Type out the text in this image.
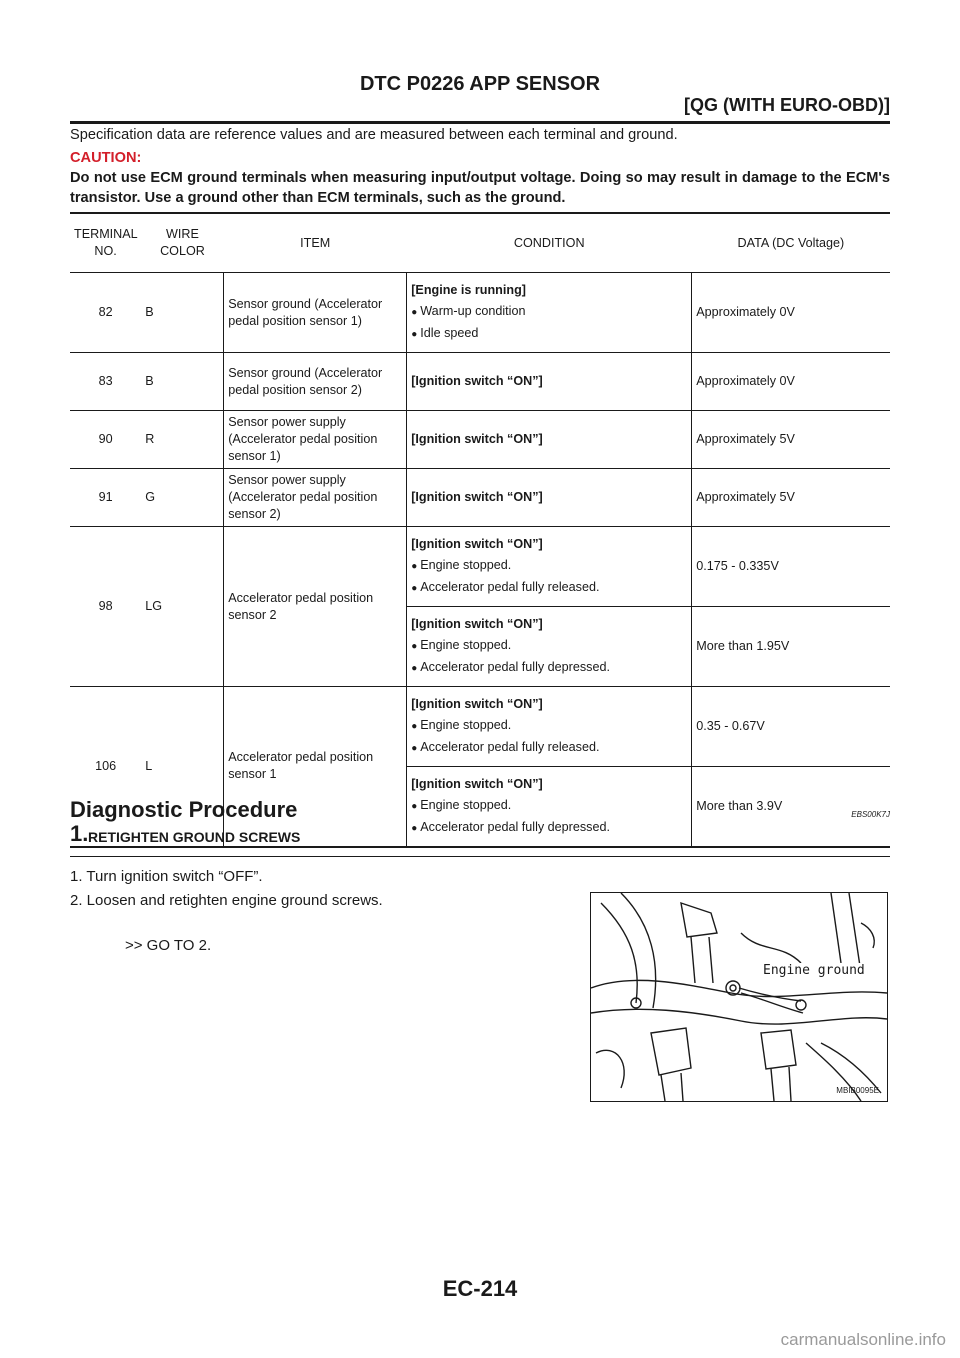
DTC P0226 APP SENSOR
[QG (WITH EURO-OBD)]
Specification data are reference values and are measured between each terminal and ground.
CAUTION:
Do not use ECM ground terminals when measuring input/output voltage. Doing so may result in damage to the ECM's transistor. Use a ground other than ECM terminals, such as the ground.
TERMINAL NO.	WIRE COLOR	ITEM	CONDITION	DATA (DC Voltage)
82	B	Sensor ground (Accelerator pedal position sensor 1)	[Engine is running]
● Warm-up condition
● Idle speed	Approximately 0V
83	B	Sensor ground (Accelerator pedal position sensor 2)	[Ignition switch “ON”]	Approximately 0V
90	R	Sensor power supply (Accelerator pedal position sensor 1)	[Ignition switch “ON”]	Approximately 5V
91	G	Sensor power supply (Accelerator pedal position sensor 2)	[Ignition switch “ON”]	Approximately 5V
98	LG	Accelerator pedal position sensor 2	[Ignition switch “ON”]
● Engine stopped.
● Accelerator pedal fully released.	0.175 - 0.335V

			[Ignition switch “ON”]
● Engine stopped.
● Accelerator pedal fully depressed.	More than 1.95V
106	L	Accelerator pedal position sensor 1	[Ignition switch “ON”]
● Engine stopped.
● Accelerator pedal fully released.	0.35 - 0.67V

			[Ignition switch “ON”]
● Engine stopped.
● Accelerator pedal fully depressed.	More than 3.9V
Diagnostic Procedure	EBS00K7J
1. RETIGHTEN GROUND SCREWS
1. Turn ignition switch “OFF”.
2. Loosen and retighten engine ground screws.
>> GO TO 2.
Engine ground
MBIB0095E
EC-214
carmanualsonline.info
